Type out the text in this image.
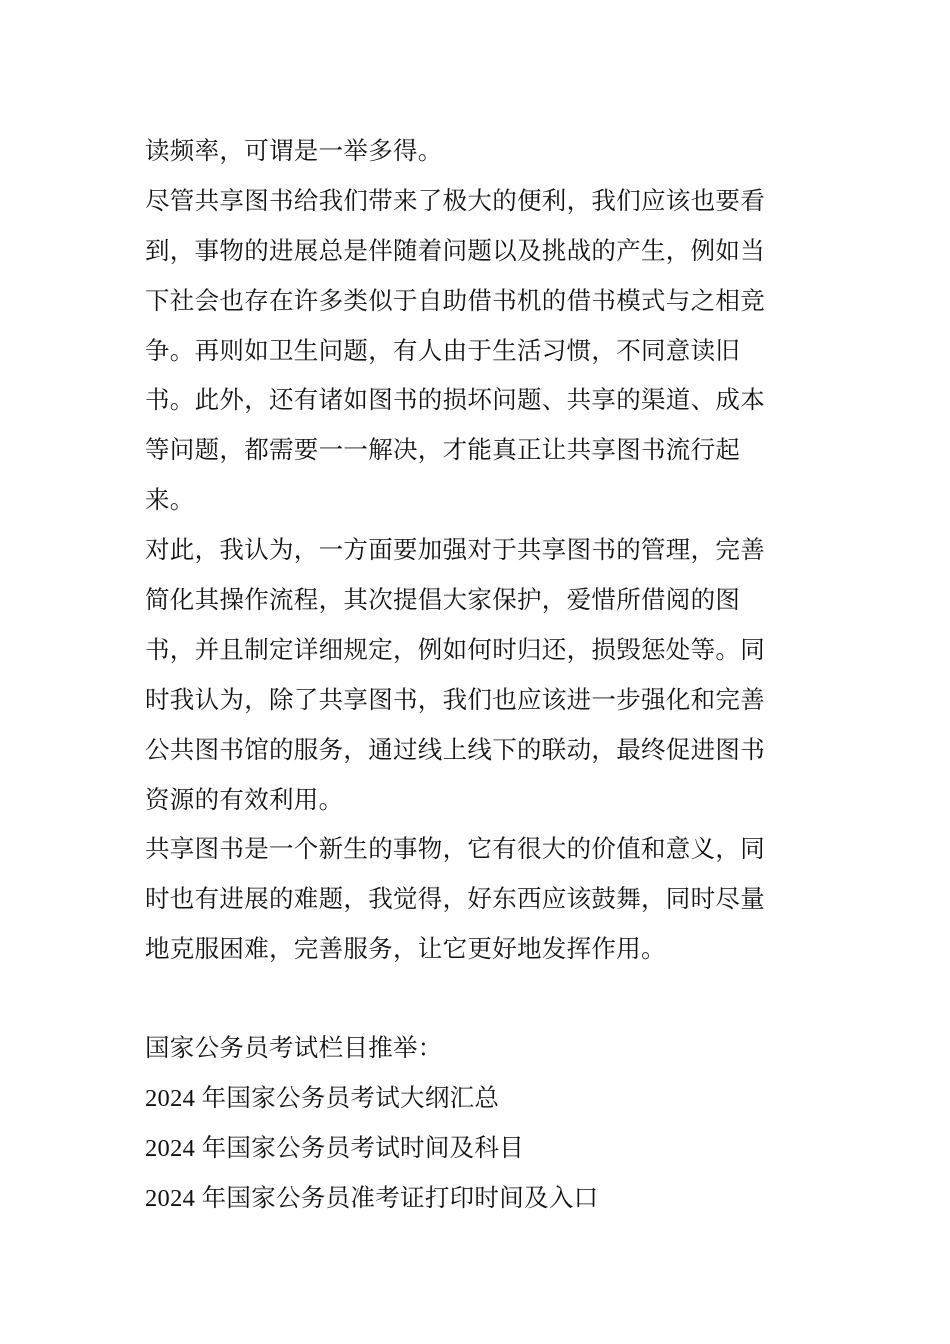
读频率，可谓是一举多得。
尽管共享图书给我们带来了极大的便利，我们应该也要看
到，事物的进展总是伴随着问题以及挑战的产生，例如当
下社会也存在许多类似于自助借书机的借书模式与之相竞
争。再则如卫生问题，有人由于生活习惯，不同意读旧
书。此外，还有诸如图书的损坏问题、共享的渠道、成本
等问题，都需要一一解决，才能真正让共享图书流行起
来。
对此，我认为，一方面要加强对于共享图书的管理，完善
简化其操作流程，其次提倡大家保护，爱惜所借阅的图
书，并且制定详细规定，例如何时归还，损毁惩处等。同
时我认为，除了共享图书，我们也应该进一步强化和完善
公共图书馆的服务，通过线上线下的联动，最终促进图书
资源的有效利用。
共享图书是一个新生的事物，它有很大的价值和意义，同
时也有进展的难题，我觉得，好东西应该鼓舞，同时尽量
地克服困难，完善服务，让它更好地发挥作用。
国家公务员考试栏目推举：
2024 年国家公务员考试大纲汇总
2024 年国家公务员考试时间及科目
2024 年国家公务员准考证打印时间及入口
